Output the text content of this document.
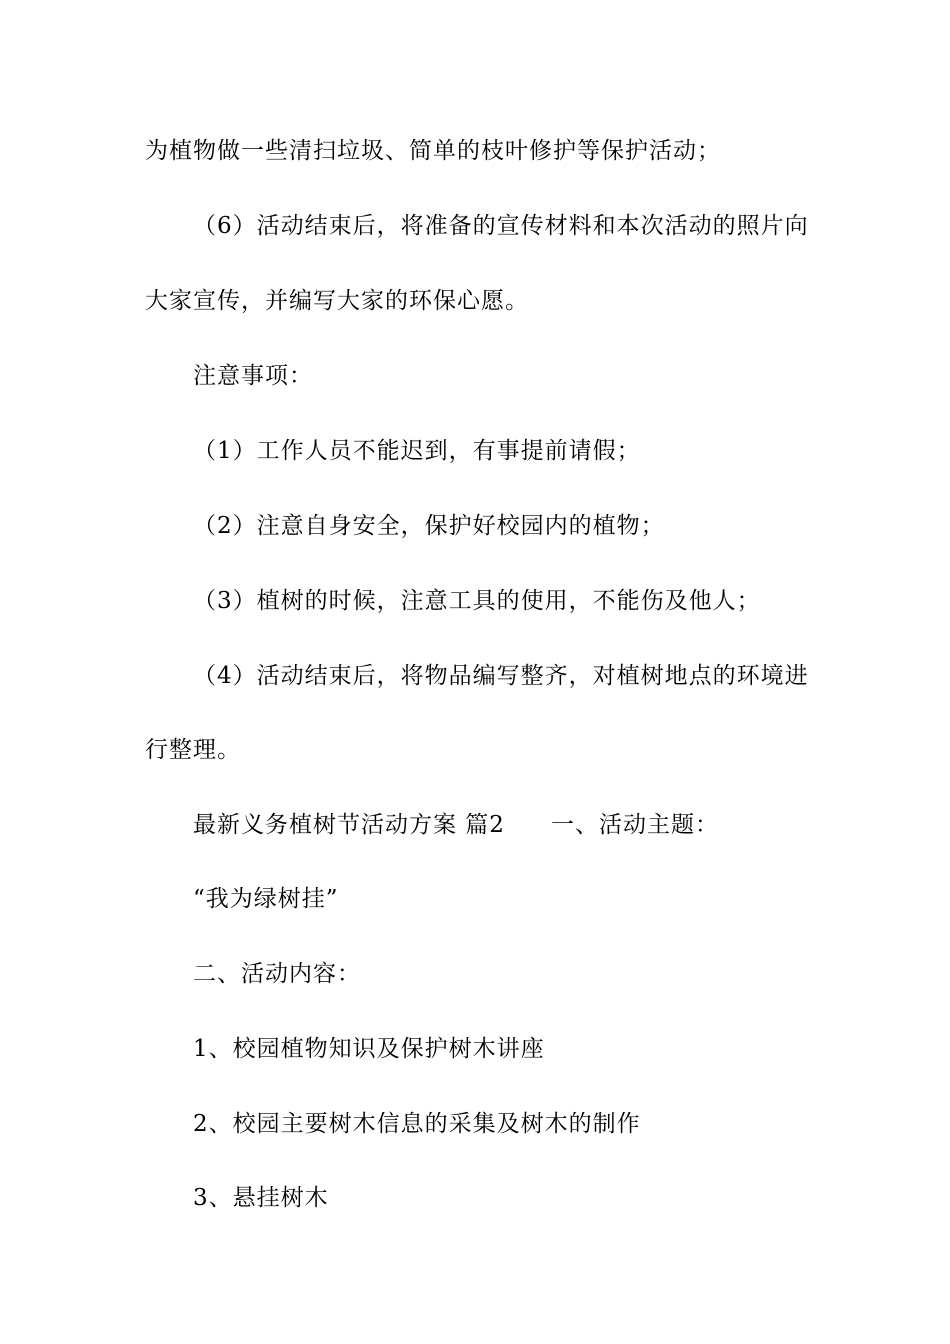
为植物做一些清扫垃圾、简单的枝叶修护等保护活动；
（6）活动结束后，将准备的宣传材料和本次活动的照片向
大家宣传，并编写大家的环保心愿。
注意事项：
（1）工作人员不能迟到，有事提前请假；
（2）注意自身安全，保护好校园内的植物；
（3）植树的时候，注意工具的使用，不能伤及他人；
（4）活动结束后，将物品编写整齐，对植树地点的环境进
行整理。
最新义务植树节活动方案 篇2 一、活动主题：
“我为绿树挂”
二、活动内容：
1、校园植物知识及保护树木讲座
2、校园主要树木信息的采集及树木的制作
3、悬挂树木
